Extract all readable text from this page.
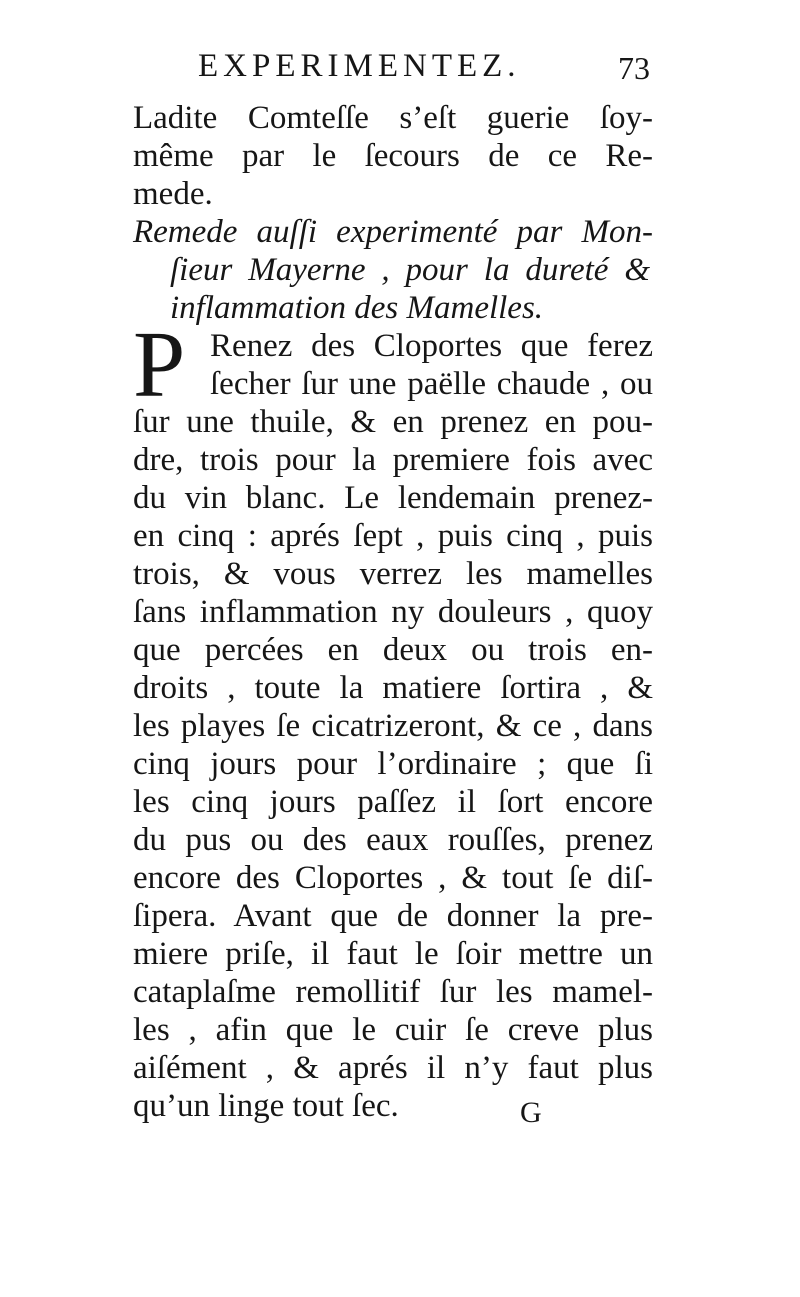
EXPERIMENTEZ.	73
Ladite Comteſſe s’eſt guerie ſoy-
même par le ſecours de ce Re-
mede.
Remede auſſi experimenté par Mon-
ſieur Mayerne , pour la dureté &
inflammation des Mamelles.
P Renez des Cloportes que ferez
ſecher ſur une paëlle chaude , ou
ſur une thuile, & en prenez en pou-
dre, trois pour la premiere fois avec
du vin blanc. Le lendemain prenez-
en cinq : aprés ſept , puis cinq , puis
trois, & vous verrez les mamelles
ſans inflammation ny douleurs , quoy
que percées en deux ou trois en-
droits , toute la matiere ſortira , &
les playes ſe cicatrizeront, & ce , dans
cinq jours pour l’ordinaire ; que ſi
les cinq jours paſſez il ſort encore
du pus ou des eaux rouſſes, prenez
encore des Cloportes , & tout ſe diſ-
ſipera. Avant que de donner la pre-
miere priſe, il faut le ſoir mettre un
cataplaſme remollitif ſur les mamel-
les , afin que le cuir ſe creve plus
aiſément , & aprés il n’y faut plus
qu’un linge tout ſec.	G
